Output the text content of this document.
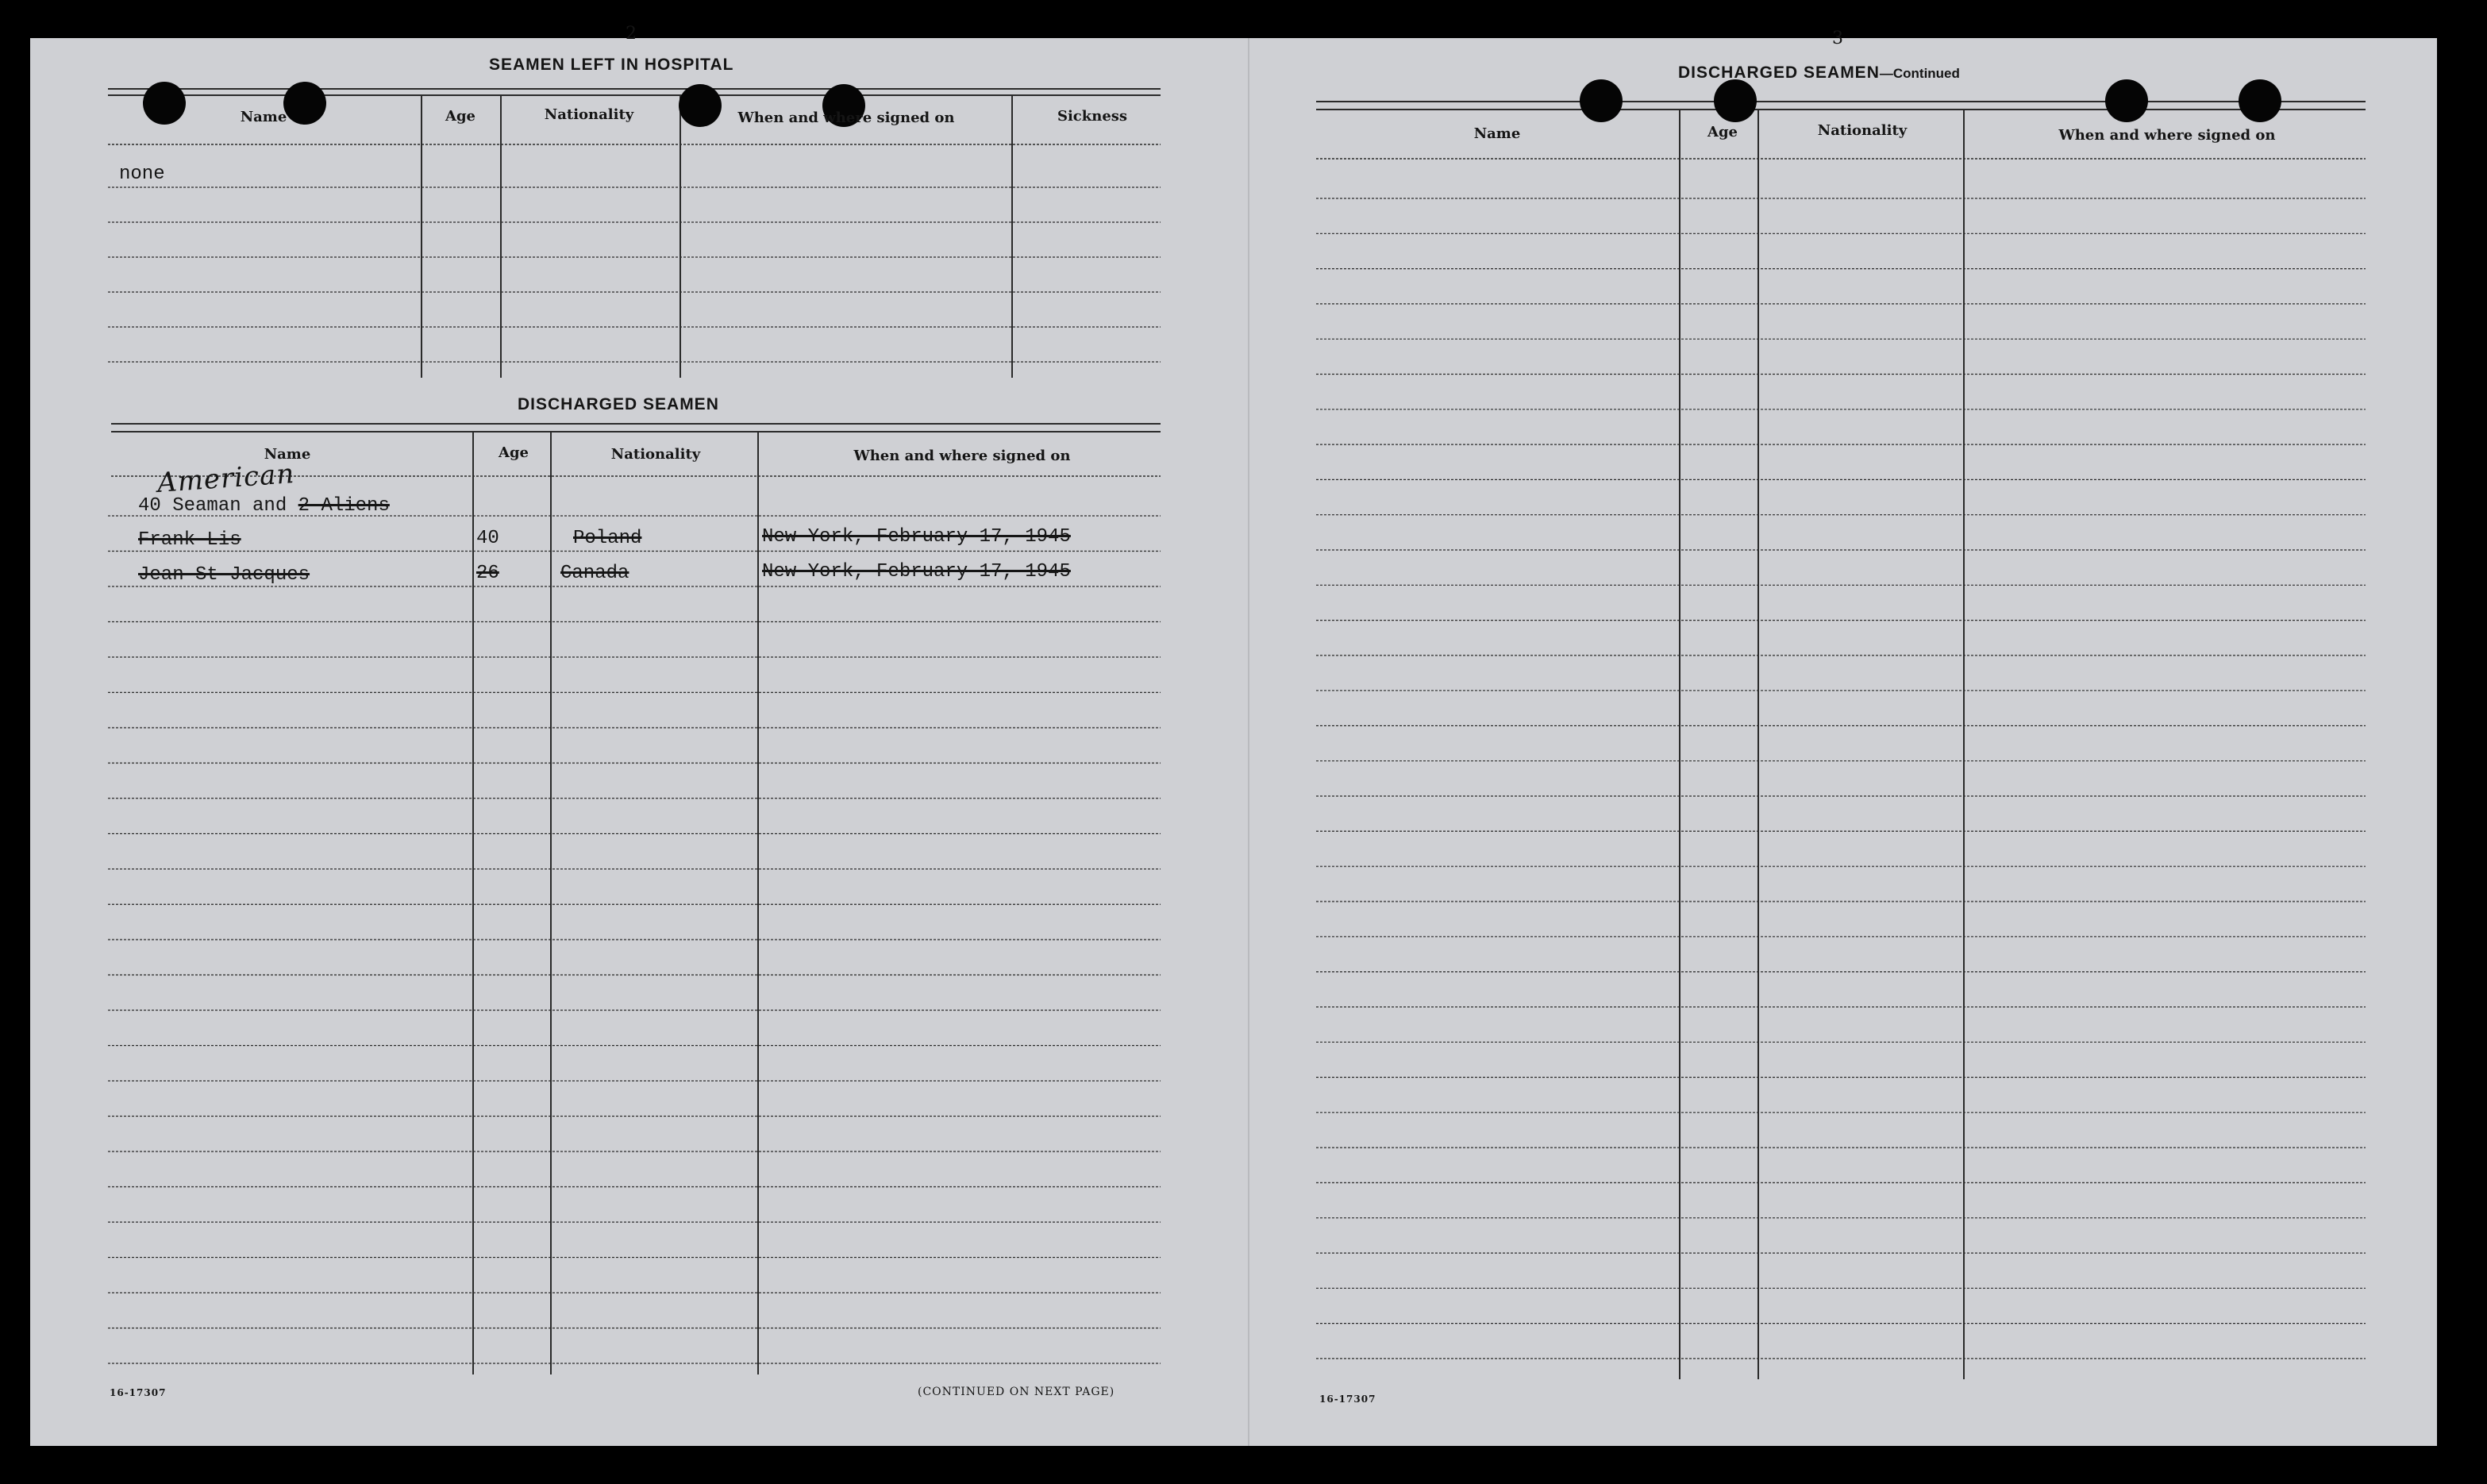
2
SEAMEN LEFT IN HOSPITAL
Name	Age	Nationality	When and where signed on	Sickness
none
DISCHARGED SEAMEN
Name	Age	Nationality	When and where signed on
American
40 Seaman and 2 Aliens
Frank Lis	40	Poland	New York, February 17, 1945
Jean St Jacques	26	Canada	New York, February 17, 1945
16-17307	(CONTINUED ON NEXT PAGE)
3
DISCHARGED SEAMEN—Continued
Name	Age	Nationality	When and where signed on
16-17307
